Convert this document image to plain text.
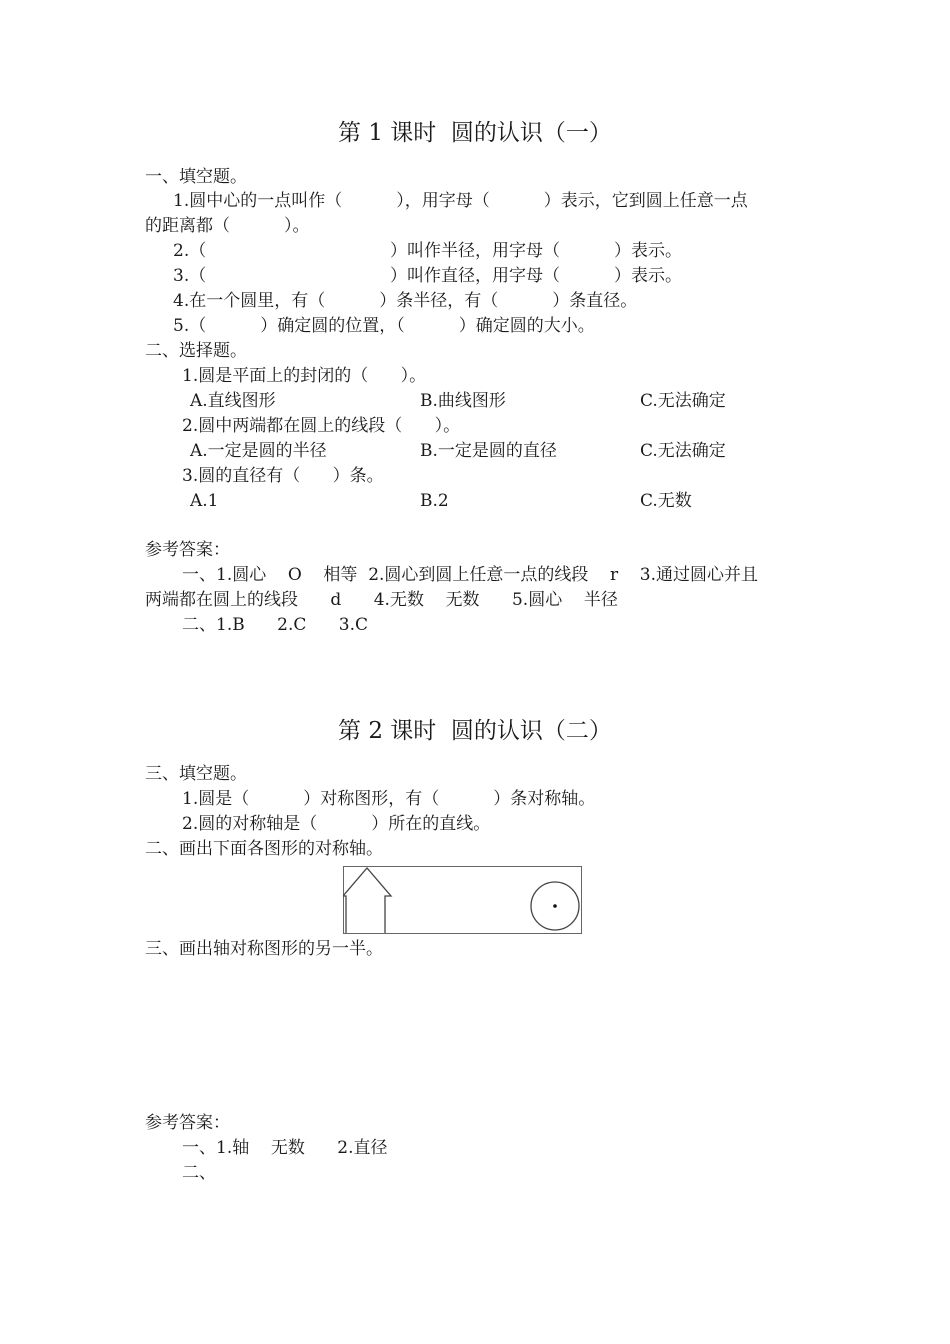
第 1 课时  圆的认识（一）
一、填空题。
1.圆中心的一点叫作（          ），用字母（          ）表示，它到圆上任意一点
的距离都（          ）。
2.（                                  ）叫作半径，用字母（          ）表示。
3.（                                  ）叫作直径，用字母（          ）表示。
4.在一个圆里，有（          ）条半径，有（          ）条直径。
5.（          ）确定圆的位置，（          ）确定圆的大小。
二、选择题。
1.圆是平面上的封闭的（      ）。
A.直线图形	B.曲线图形	C.无法确定
2.圆中两端都在圆上的线段（      ）。
A.一定是圆的半径	B.一定是圆的直径	C.无法确定
3.圆的直径有（      ）条。
A.1	B.2	C.无数
参考答案：
一、1.圆心    O    相等  2.圆心到圆上任意一点的线段    r    3.通过圆心并且
两端都在圆上的线段      d      4.无数    无数      5.圆心    半径
二、1.B      2.C      3.C
第 2 课时  圆的认识（二）
三、填空题。
1.圆是（          ）对称图形，有（          ）条对称轴。
2.圆的对称轴是（          ）所在的直线。
二、画出下面各图形的对称轴。
三、画出轴对称图形的另一半。
参考答案：
一、1.轴    无数      2.直径
二、
